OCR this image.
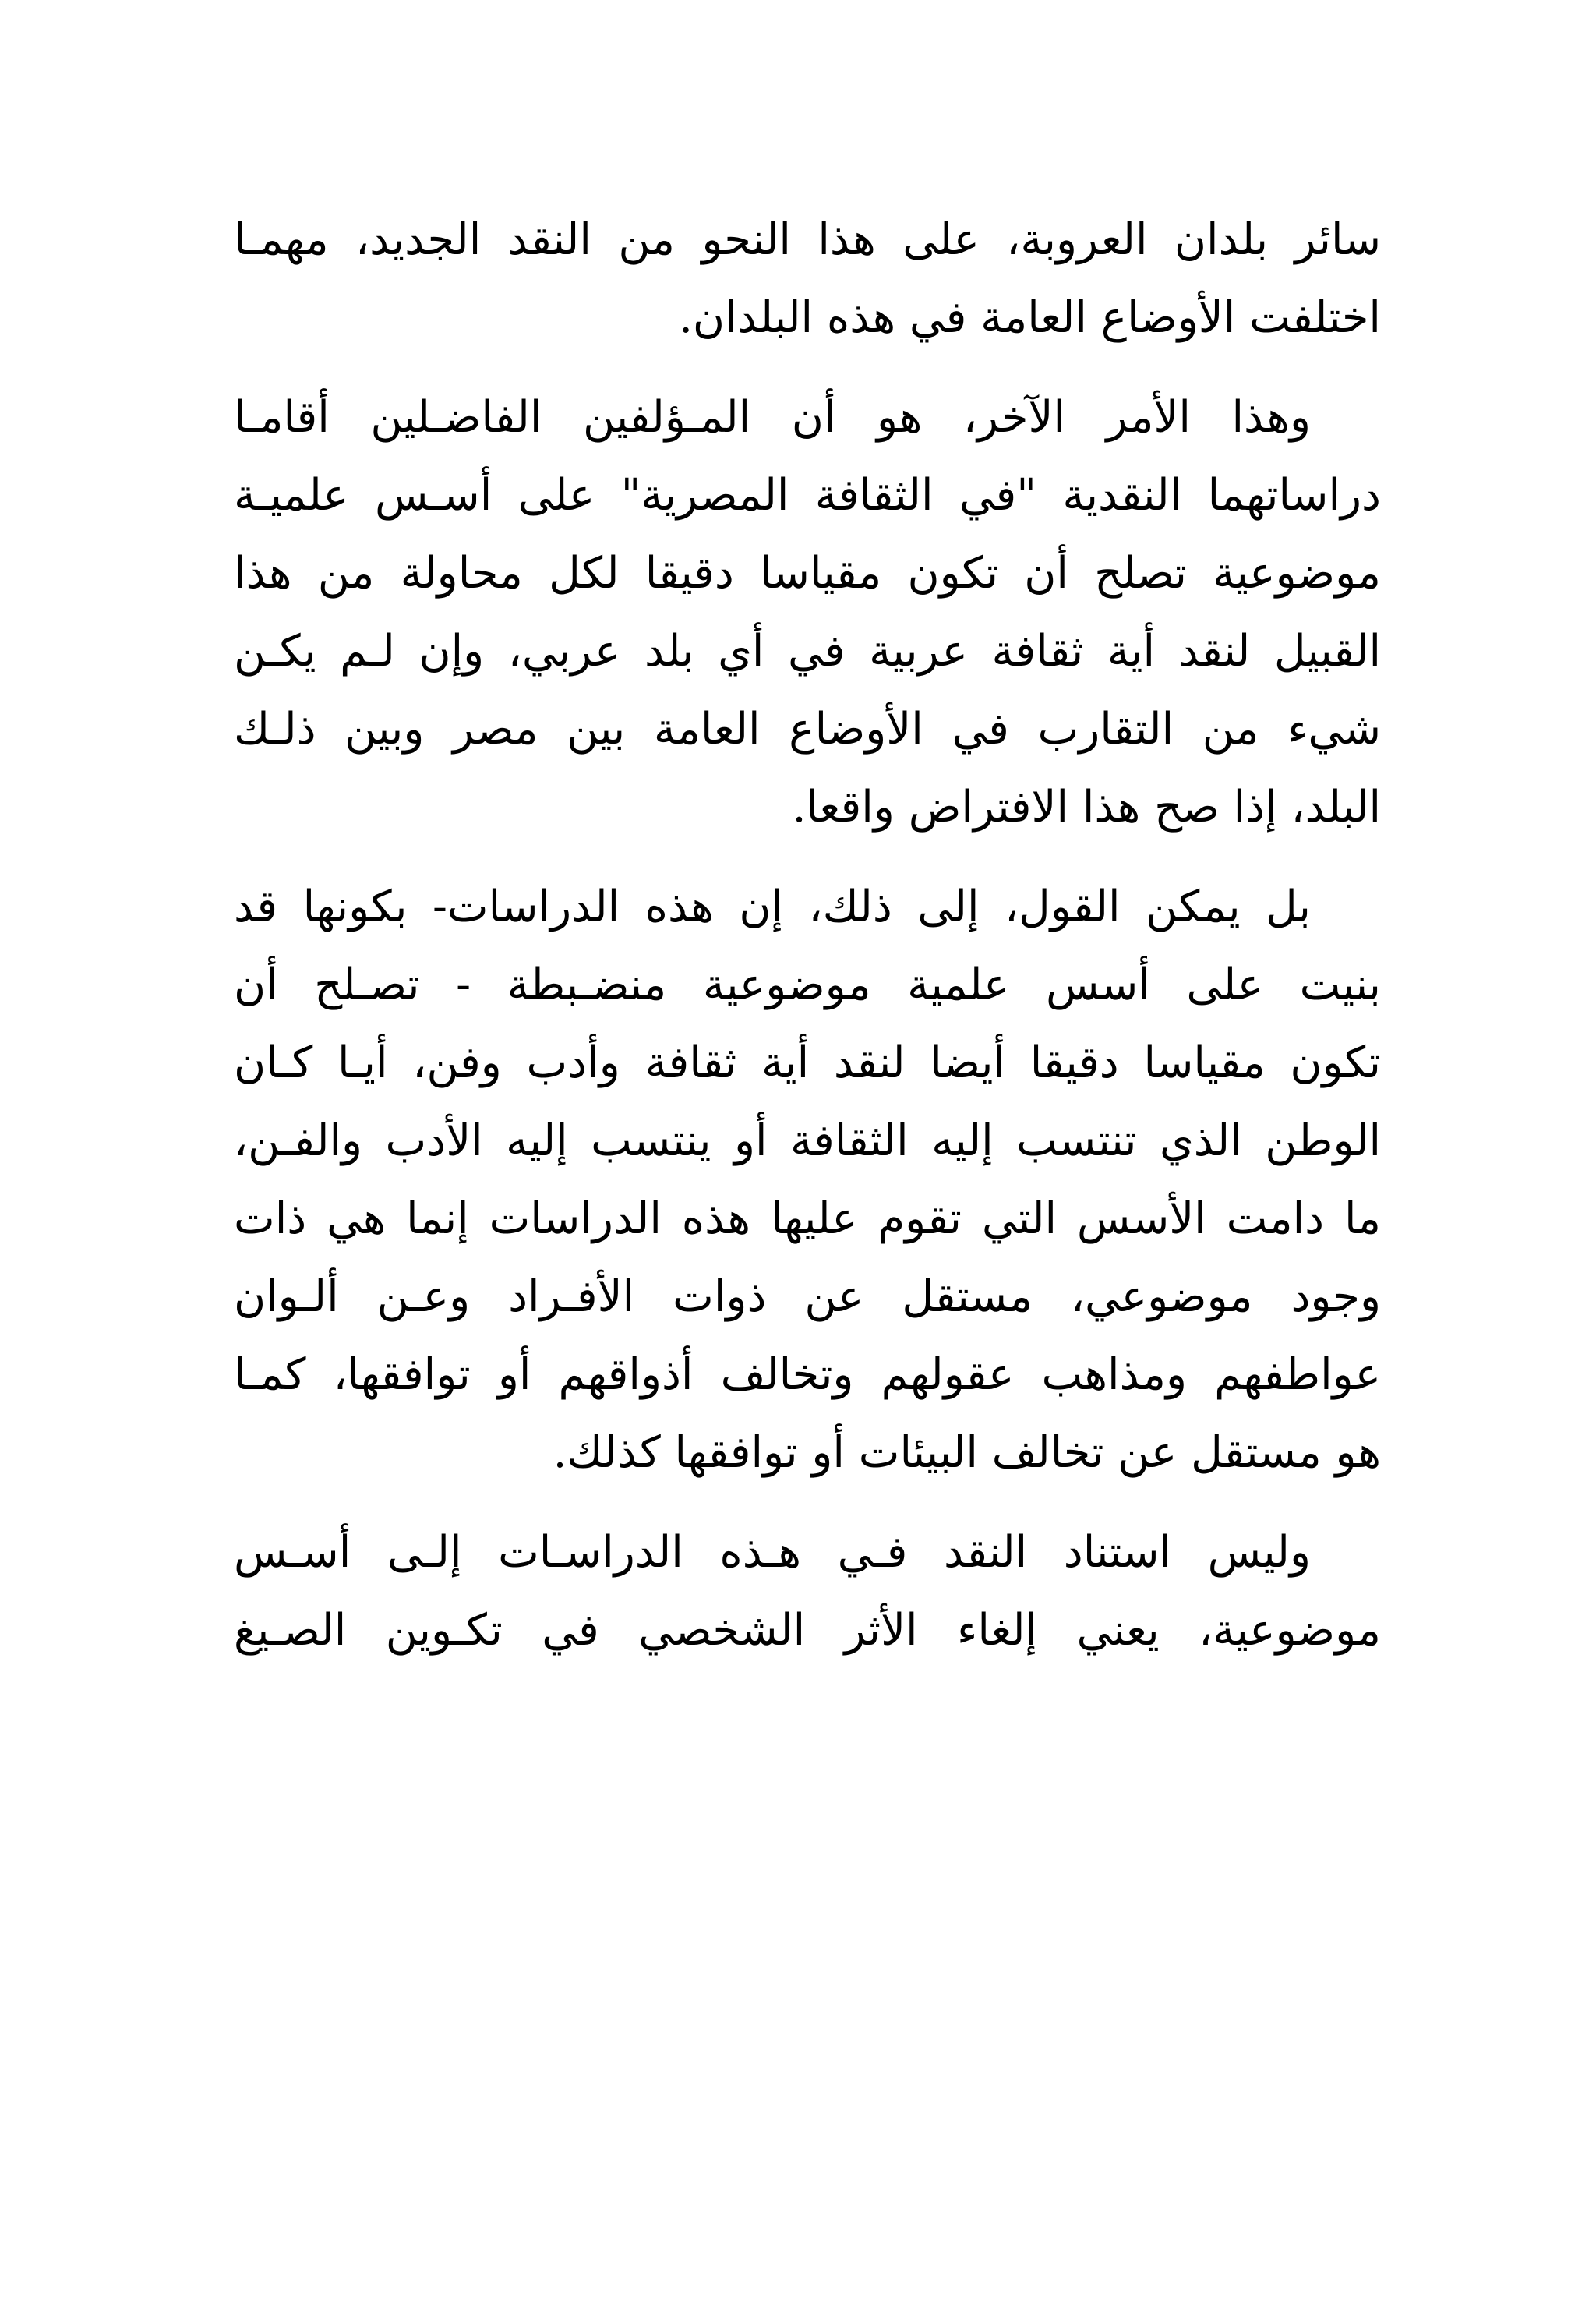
سائر بلدان العروبة، على هذا النحو من النقد الجديد، مهمـا
اختلفت الأوضاع العامة في هذه البلدان.
وهذا الأمر الآخر، هو أن المـؤلفين الفاضـلين أقامـا
دراساتهما النقدية "في الثقافة المصرية" على أسـس علميـة
موضوعية تصلح أن تكون مقياسا دقيقا لكل محاولة من هذا
القبيل لنقد أية ثقافة عربية في أي بلد عربي، وإن لـم يكـن
شيء من التقارب في الأوضاع العامة بين مصر وبين ذلـك
البلد، إذا صح هذا الافتراض واقعا.
بل يمكن القول، إلى ذلك، إن هذه الدراسات- بكونها قد
بنيت على أسس علمية موضوعية منضـبطة - تصـلح أن
تكون مقياسا دقيقا أيضا لنقد أية ثقافة وأدب وفن، أيـا كـان
الوطن الذي تنتسب إليه الثقافة أو ينتسب إليه الأدب والفـن،
ما دامت الأسس التي تقوم عليها هذه الدراسات إنما هي ذات
وجود موضوعي، مستقل عن ذوات الأفـراد وعـن ألـوان
عواطفهم ومذاهب عقولهم وتخالف أذواقهم أو توافقها، كمـا
هو مستقل عن تخالف البيئات أو توافقها كذلك.
وليس استناد النقد فـي هـذه الدراسـات إلـى أسـس
موضوعية، يعني إلغاء الأثر الشخصي في تكـوين الصـيغ
